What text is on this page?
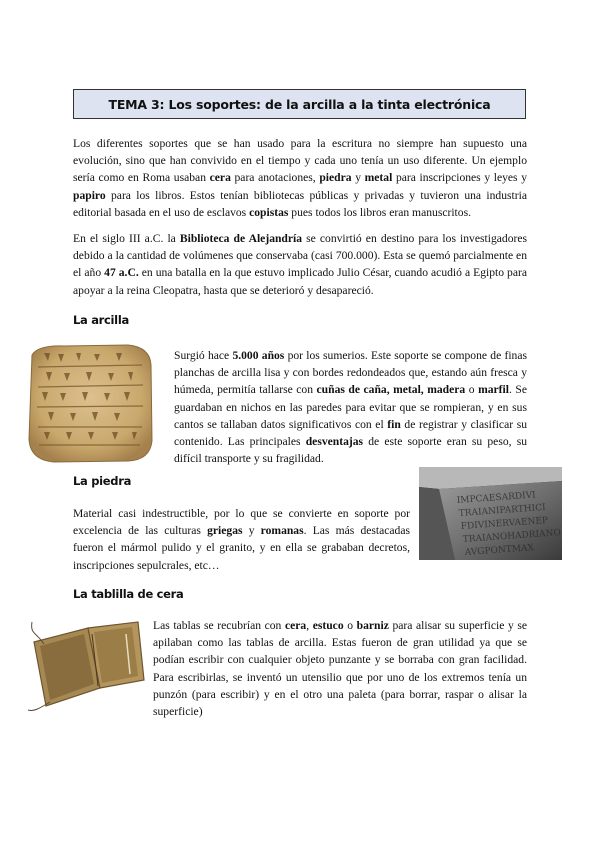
TEMA 3: Los soportes: de la arcilla a la tinta electrónica

Los diferentes soportes que se han usado para la escritura no siempre han supuesto una evolución, sino que han convivido en el tiempo y cada uno tenía un uso diferente. Un ejemplo sería como en Roma usaban cera para anotaciones, piedra y metal para inscripciones y leyes y papiro para los libros. Estos tenían bibliotecas públicas y privadas y tuvieron una industria editorial basada en el uso de esclavos copistas pues todos los libros eran manuscritos.

En el siglo III a.C. la Biblioteca de Alejandría se convirtió en destino para los investigadores debido a la cantidad de volúmenes que conservaba (casi 700.000). Esta se quemó parcialmente en el año 47 a.C. en una batalla en la que estuvo implicado Julio César, cuando acudió a Egipto para apoyar a la reina Cleopatra, hasta que se deterioró y desapareció.

La arcilla

Surgió hace 5.000 años por los sumerios. Este soporte se compone de finas planchas de arcilla lisa y con bordes redondeados que, estando aún fresca y húmeda, permitía tallarse con cuñas de caña, metal, madera o marfil. Se guardaban en nichos en las paredes para evitar que se rompieran, y en sus cantos se tallaban datos significativos con el fin de registrar y clasificar su contenido. Las principales desventajas de este soporte eran su peso, su difícil transporte y su fragilidad.

La piedra
IMPCAESARDIVI
TRAIANIPARTHICI
FDIVINERVAENEP
TRAIANOHADRIANO
AVGPONTMAX

Material casi indestructible, por lo que se convierte en soporte por excelencia de las culturas griegas y romanas. Las más destacadas fueron el mármol pulido y el granito, y en ella se grababan decretos, inscripciones sepulcrales, etc…

La tablilla de cera

Las tablas se recubrían con cera, estuco o barniz para alisar su superficie y se apilaban como las tablas de arcilla. Estas fueron de gran utilidad ya que se podían escribir con cualquier objeto punzante y se borraba con gran facilidad. Para escribirlas, se inventó un utensilio que por uno de los extremos tenía un punzón (para escribir) y en el otro una paleta (para borrar, raspar o alisar la superficie)
